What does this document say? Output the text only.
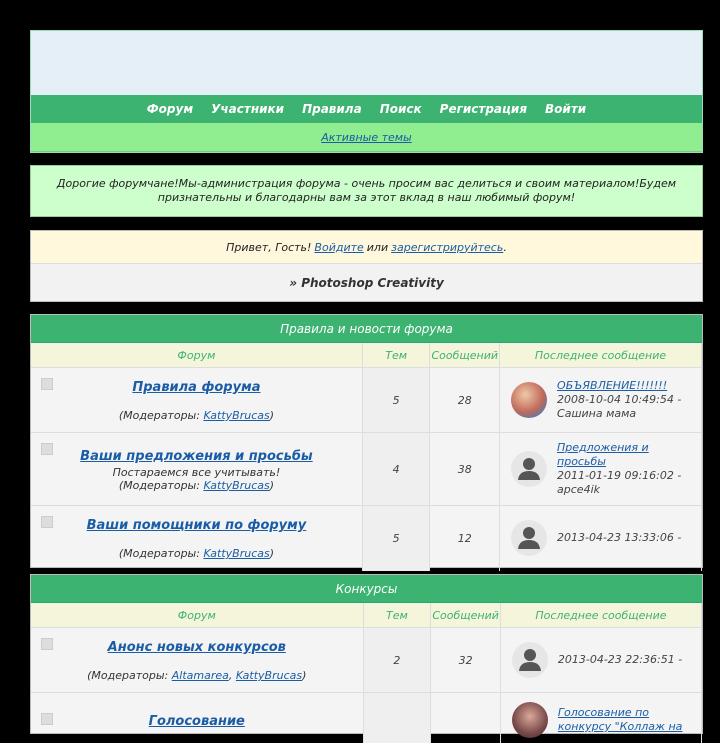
Форум Участники Правила Поиск Регистрация Войти
Активные темы
Дорогие форумчане!Мы-администрация форума - очень просим вас делиться и своим материалом!Будем признательны и благодарны вам за этот вклад в наш любимый форум!
Привет, Гость! Войдите или зарегистрируйтесь .
» Photoshop Creativity
Правила и новости форума
Форум	Тем	Сообщений	Последнее сообщение

Правила форума
(Модераторы: KattyBrucas)	5	28	ОБЪЯВЛЕНИЕ!!!!!!!
2008-10-04 10:49:54 -
Сашина мама

Ваши предложения и просьбы
Постараемся все учитывать!
(Модераторы: KattyBrucas)	4	38	Предложения и просьбы
2011-01-19 09:16:02 -
apce4ik

Ваши помощники по форуму
(Модераторы: KattyBrucas)	5	12	2013-04-23 13:33:06 -
Конкурсы
Форум	Тем	Сообщений	Последнее сообщение

Анонс новых конкурсов
(Модераторы: Altamarea, KattyBrucas)	2	32	2013-04-23 22:36:51 -

Голосование			Голосование по конкурсу "Коллаж на
